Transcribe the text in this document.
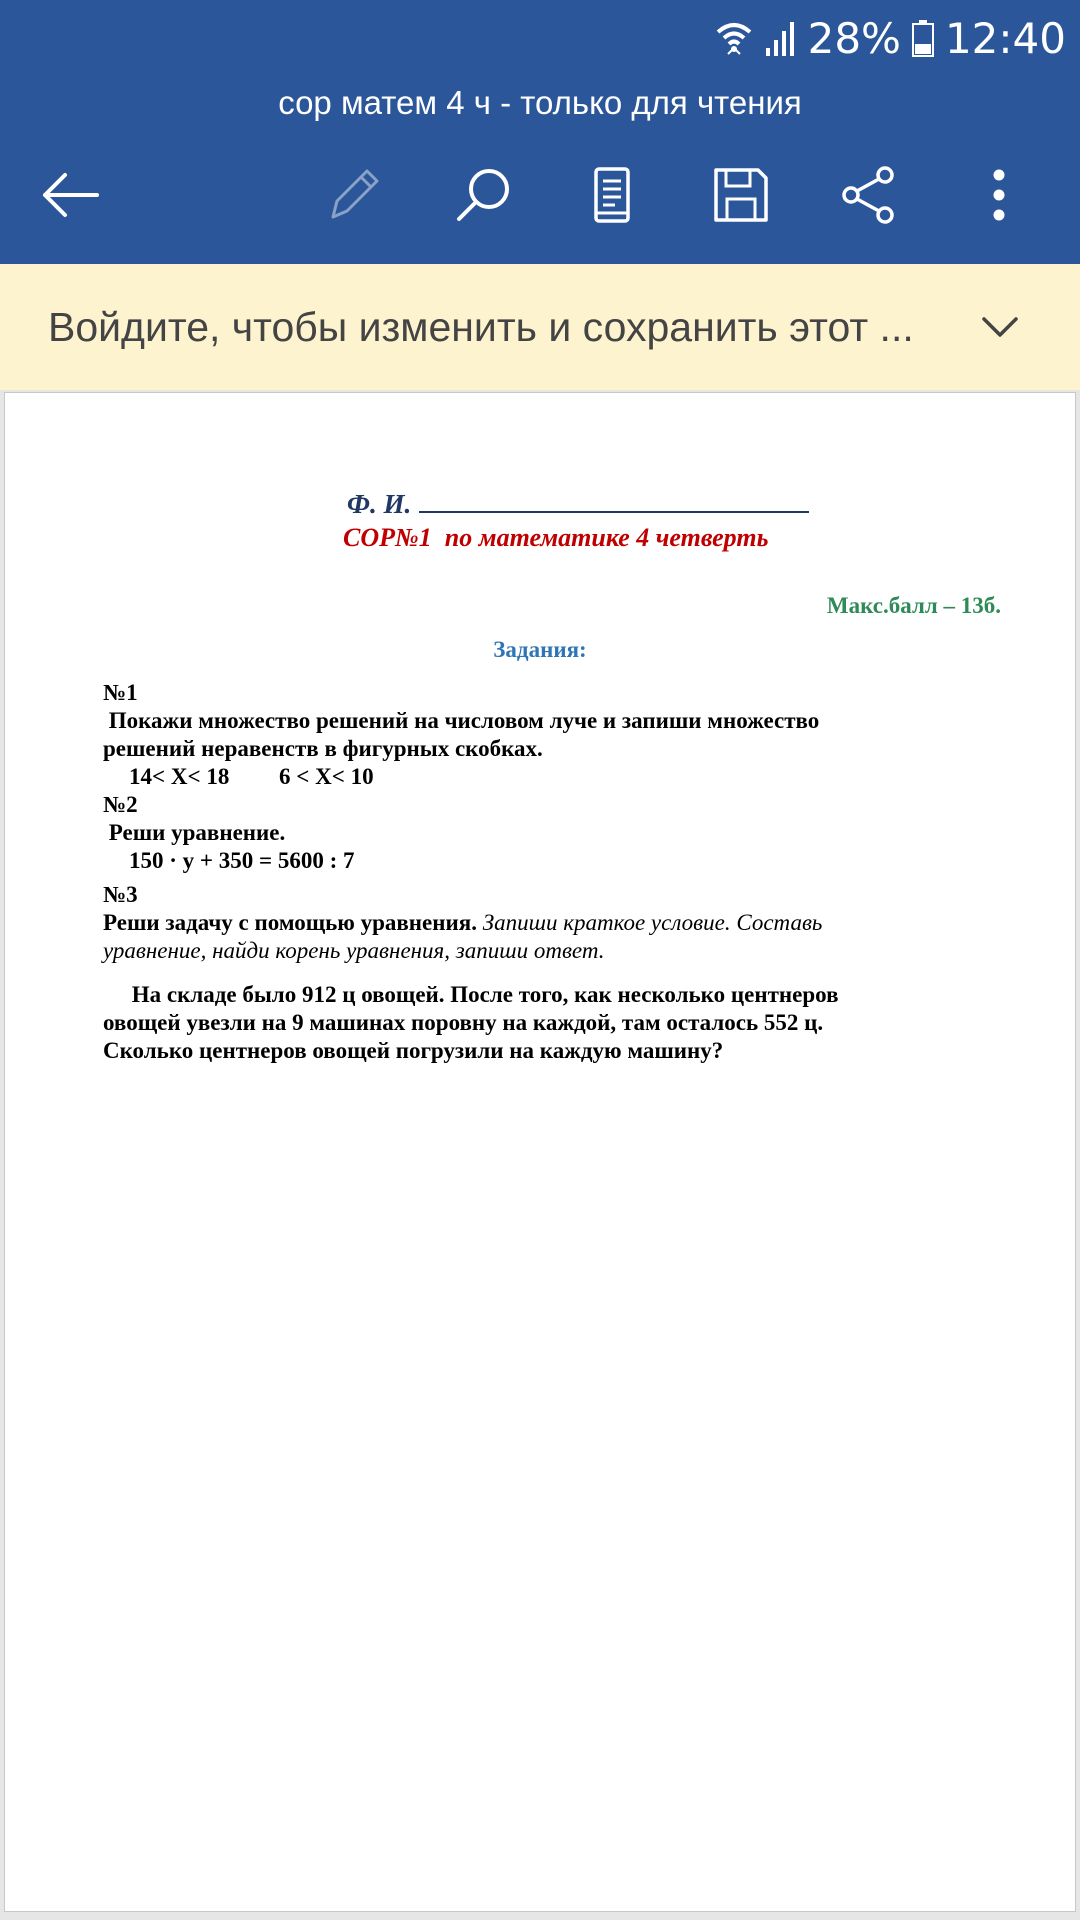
28% 12:40
сор матем 4 ч - только для чтения
Войдите, чтобы изменить и сохранить этот ...
Ф. И.
СОР№1  по математике 4 четверть
Макс.балл – 13б.
Задания:
№1
Покажи множество решений на числовом луче и запиши множество
решений неравенств в фигурных скобках.
14< X< 18 6 < X< 10
№2
Реши уравнение.
150 · у + 350 = 5600 : 7
№3
Реши задачу с помощью уравнения. Запиши краткое условие. Составь
уравнение, найди корень уравнения, запиши ответ.
На складе было 912 ц овощей. После того, как несколько центнеров
овощей увезли на 9 машинах поровну на каждой, там осталось 552 ц.
Сколько центнеров овощей погрузили на каждую машину?
